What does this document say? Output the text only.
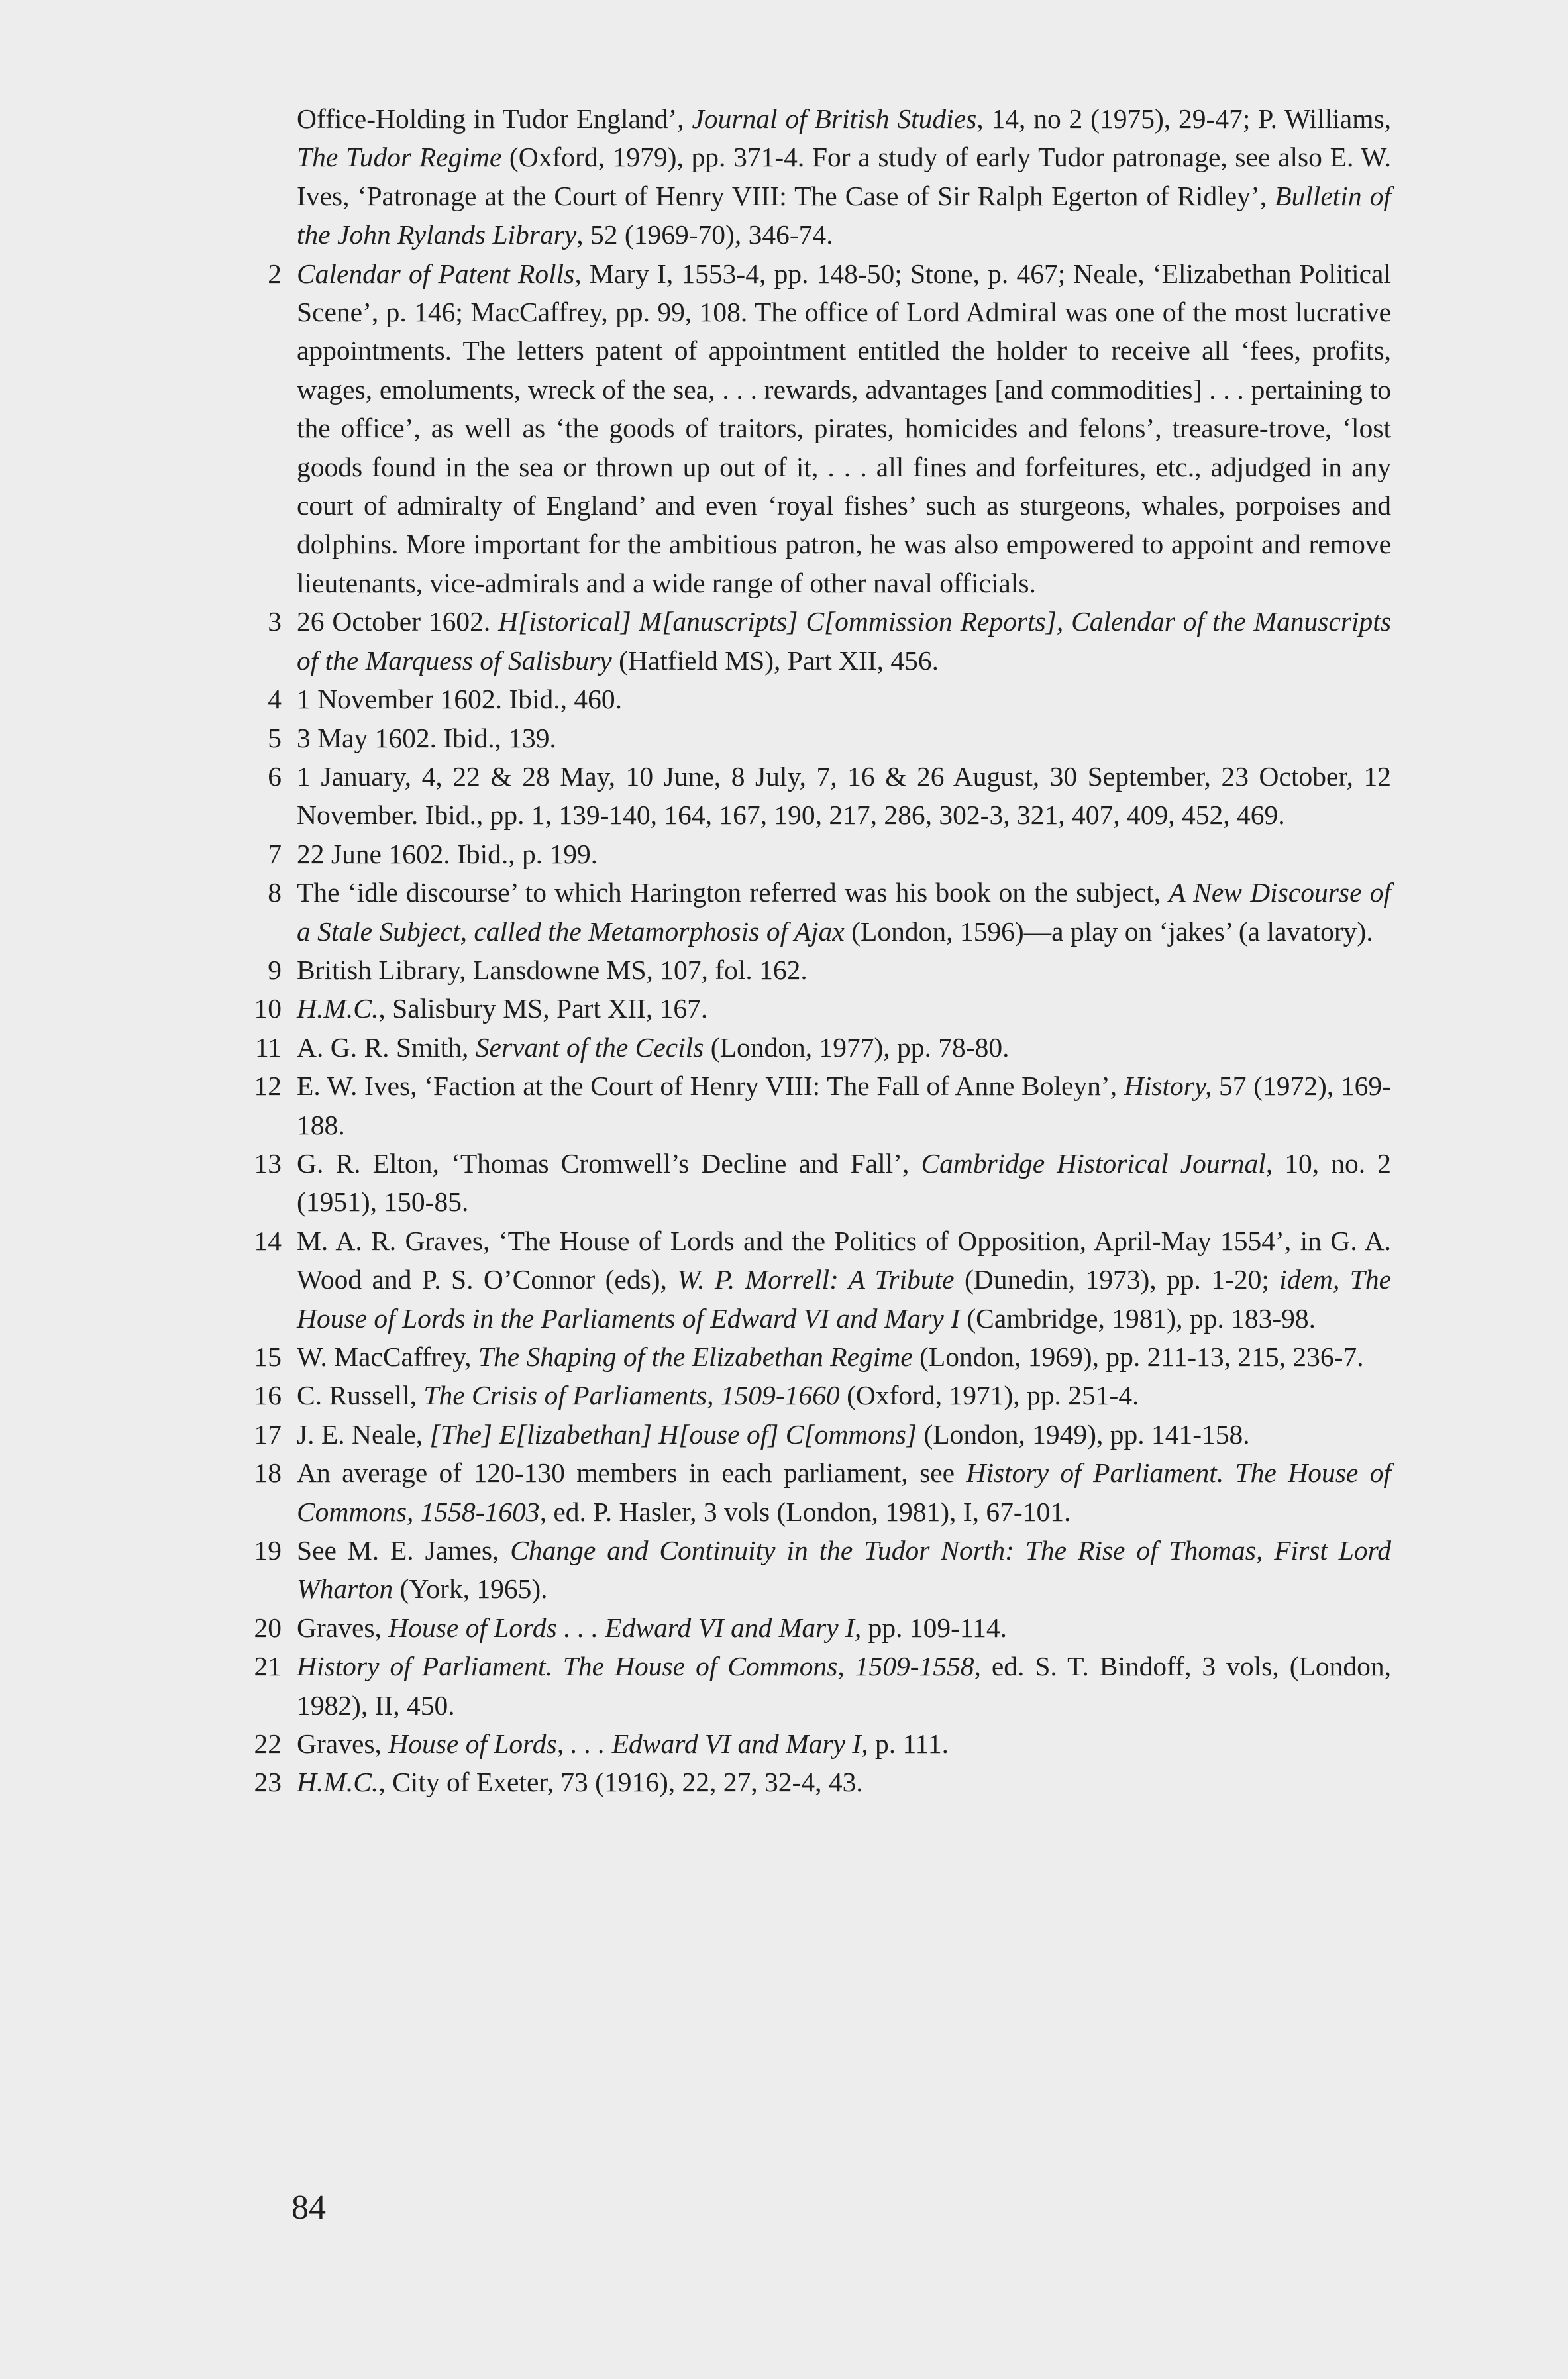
Office-Holding in Tudor England’, Journal of British Studies, 14, no 2 (1975), 29-47; P. Williams, The Tudor Regime (Oxford, 1979), pp. 371-4. For a study of early Tudor patronage, see also E. W. Ives, ‘Patronage at the Court of Henry VIII: The Case of Sir Ralph Egerton of Ridley’, Bulletin of the John Rylands Library, 52 (1969-70), 346-74.
2 Calendar of Patent Rolls, Mary I, 1553-4, pp. 148-50; Stone, p. 467; Neale, ‘Elizabethan Political Scene’, p. 146; MacCaffrey, pp. 99, 108. The office of Lord Admiral was one of the most lucrative appointments. The letters patent of appointment entitled the holder to receive all ‘fees, profits, wages, emoluments, wreck of the sea, . . . rewards, advantages [and commodities] . . . pertaining to the office’, as well as ‘the goods of traitors, pirates, homicides and felons’, treasure-trove, ‘lost goods found in the sea or thrown up out of it, . . . all fines and forfeitures, etc., adjudged in any court of admiralty of England’ and even ‘royal fishes’ such as sturgeons, whales, porpoises and dolphins. More important for the ambitious patron, he was also empowered to appoint and remove lieutenants, vice-admirals and a wide range of other naval officials.
3 26 October 1602. H[istorical] M[anuscripts] C[ommission Reports], Calendar of the Manuscripts of the Marquess of Salisbury (Hatfield MS), Part XII, 456.
4 1 November 1602. Ibid., 460.
5 3 May 1602. Ibid., 139.
6 1 January, 4, 22 & 28 May, 10 June, 8 July, 7, 16 & 26 August, 30 September, 23 October, 12 November. Ibid., pp. 1, 139-140, 164, 167, 190, 217, 286, 302-3, 321, 407, 409, 452, 469.
7 22 June 1602. Ibid., p. 199.
8 The ‘idle discourse’ to which Harington referred was his book on the subject, A New Discourse of a Stale Subject, called the Metamorphosis of Ajax (London, 1596)—a play on ‘jakes’ (a lavatory).
9 British Library, Lansdowne MS, 107, fol. 162.
10 H.M.C., Salisbury MS, Part XII, 167.
11 A. G. R. Smith, Servant of the Cecils (London, 1977), pp. 78-80.
12 E. W. Ives, ‘Faction at the Court of Henry VIII: The Fall of Anne Boleyn’, History, 57 (1972), 169-188.
13 G. R. Elton, ‘Thomas Cromwell’s Decline and Fall’, Cambridge Historical Journal, 10, no. 2 (1951), 150-85.
14 M. A. R. Graves, ‘The House of Lords and the Politics of Opposition, April-May 1554’, in G. A. Wood and P. S. O’Connor (eds), W. P. Morrell: A Tribute (Dunedin, 1973), pp. 1-20; idem, The House of Lords in the Parliaments of Edward VI and Mary I (Cambridge, 1981), pp. 183-98.
15 W. MacCaffrey, The Shaping of the Elizabethan Regime (London, 1969), pp. 211-13, 215, 236-7.
16 C. Russell, The Crisis of Parliaments, 1509-1660 (Oxford, 1971), pp. 251-4.
17 J. E. Neale, [The] E[lizabethan] H[ouse of] C[ommons] (London, 1949), pp. 141-158.
18 An average of 120-130 members in each parliament, see History of Parliament. The House of Commons, 1558-1603, ed. P. Hasler, 3 vols (London, 1981), I, 67-101.
19 See M. E. James, Change and Continuity in the Tudor North: The Rise of Thomas, First Lord Wharton (York, 1965).
20 Graves, House of Lords . . . Edward VI and Mary I, pp. 109-114.
21 History of Parliament. The House of Commons, 1509-1558, ed. S. T. Bindoff, 3 vols, (London, 1982), II, 450.
22 Graves, House of Lords, . . . Edward VI and Mary I, p. 111.
23 H.M.C., City of Exeter, 73 (1916), 22, 27, 32-4, 43.
84
